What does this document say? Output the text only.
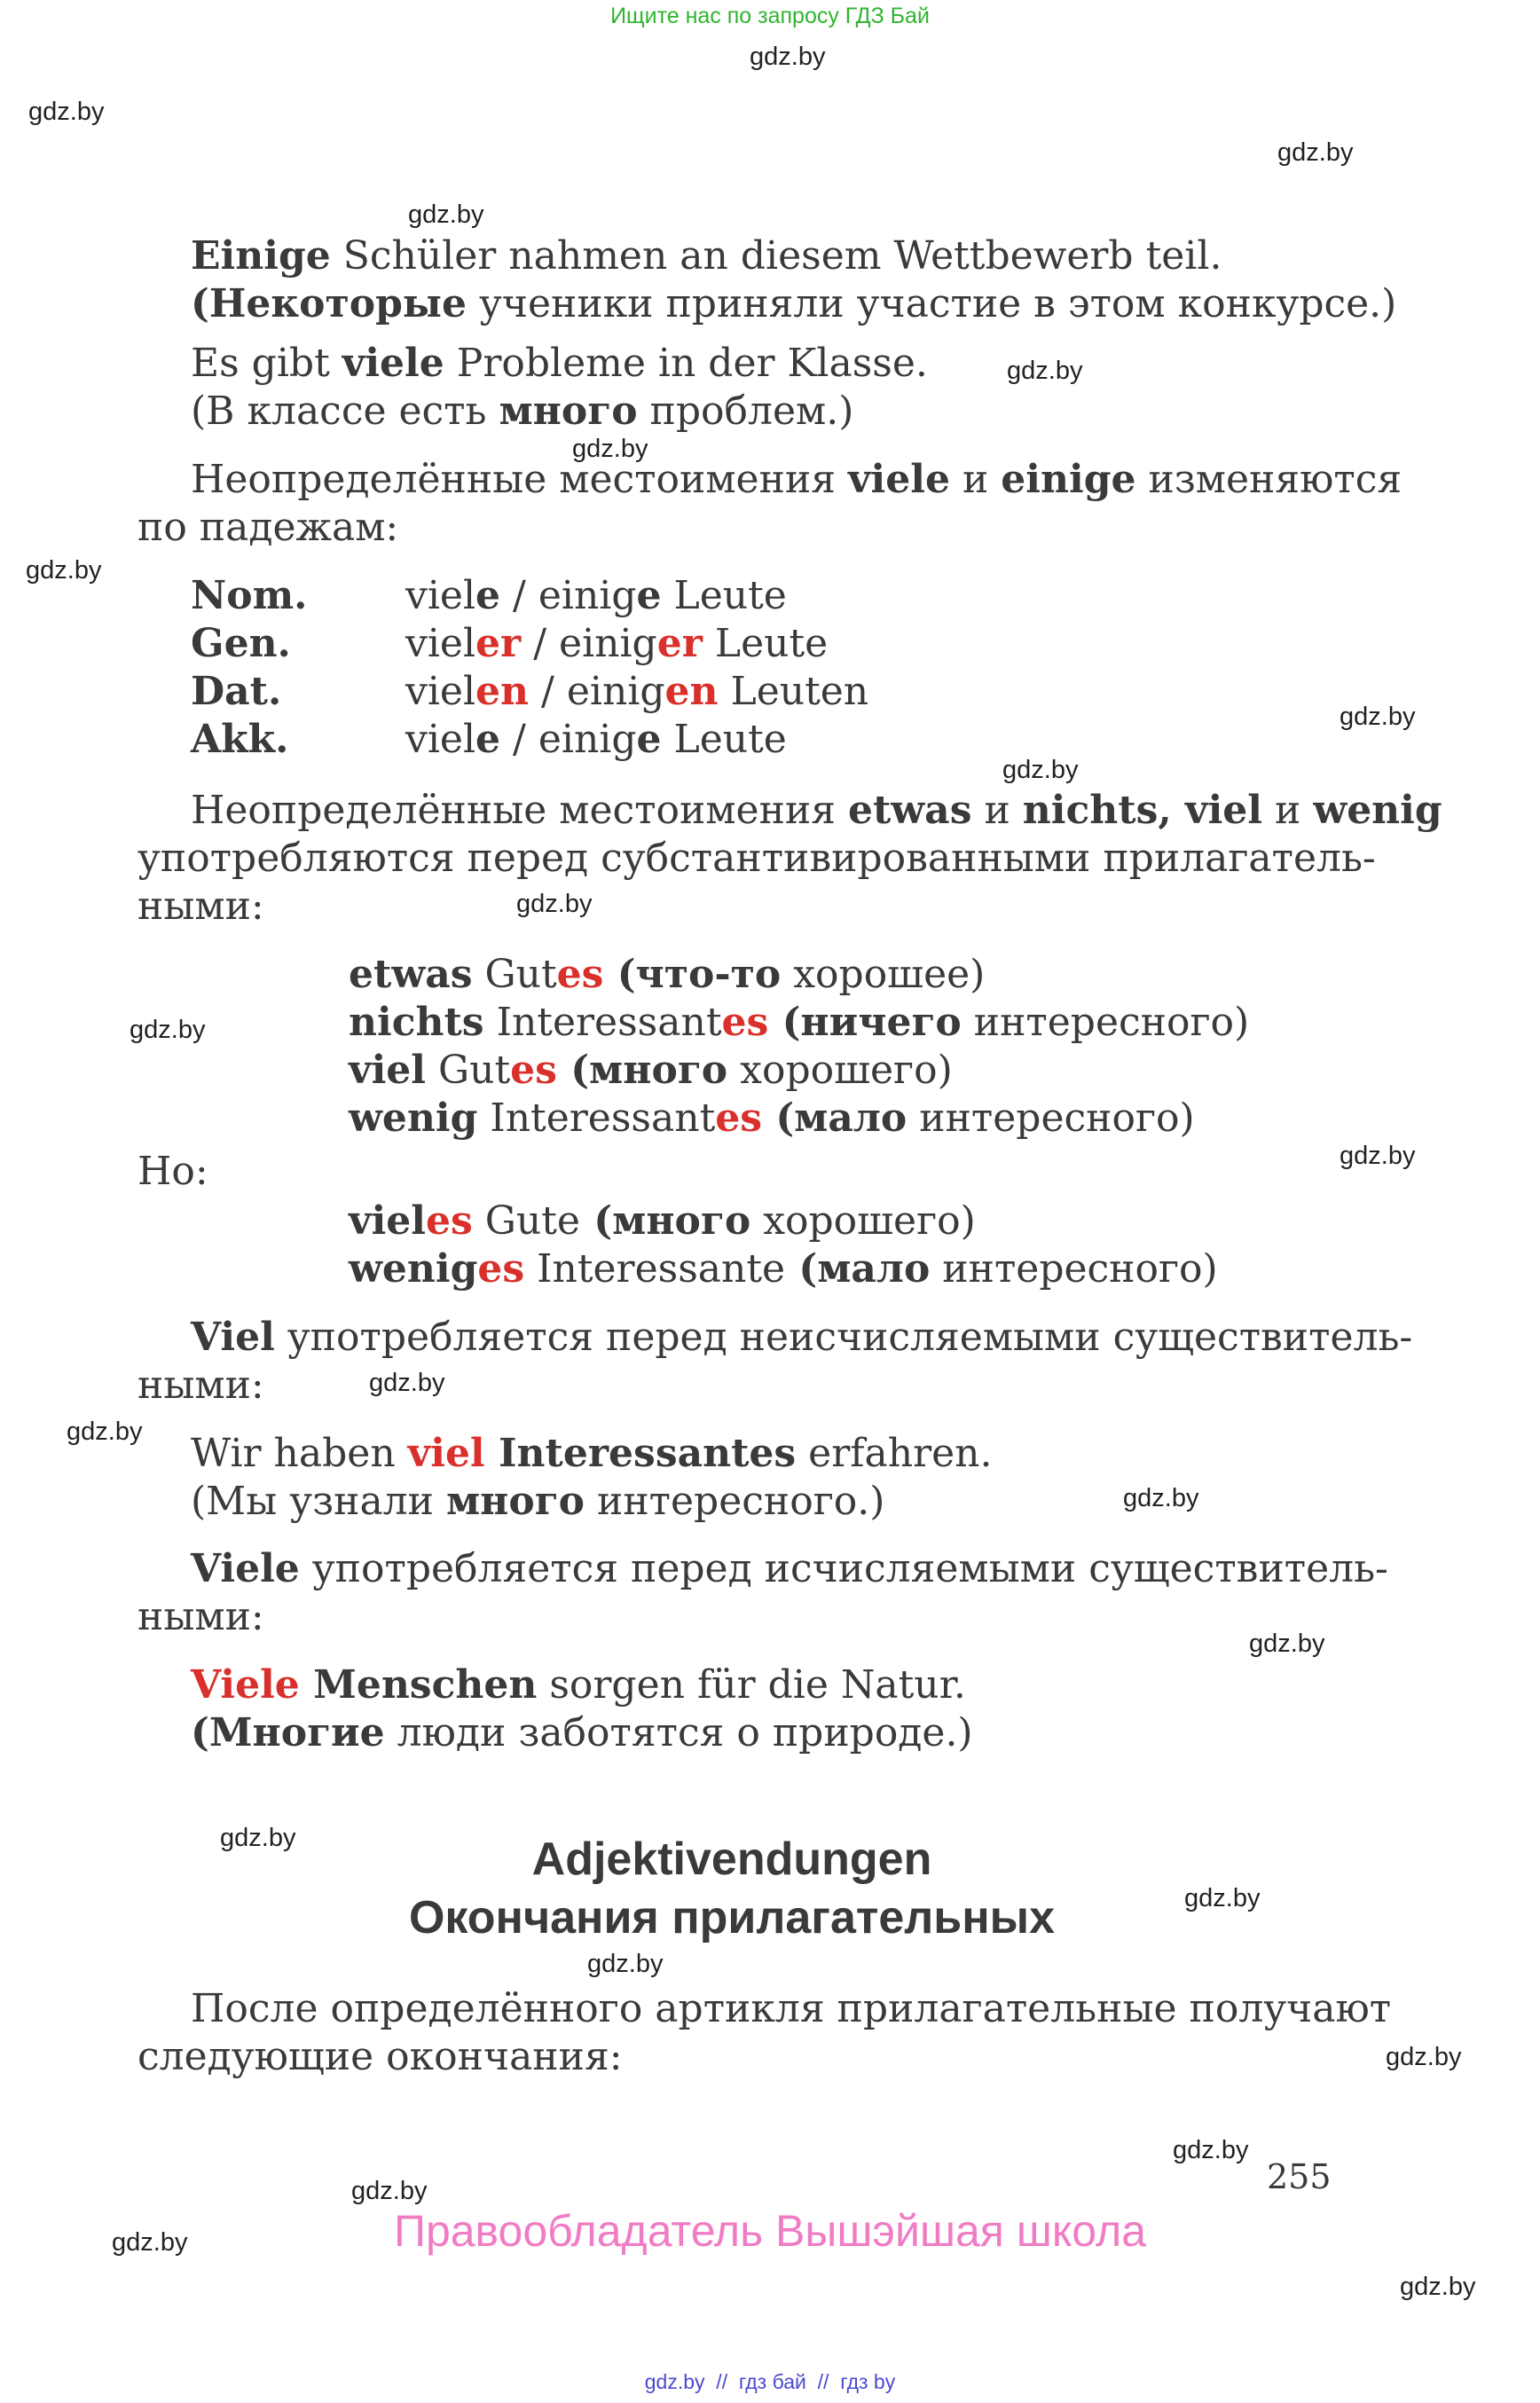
Ищите нас по запросу ГДЗ Бай
gdz.by
gdz.by
gdz.by
gdz.by
gdz.by
gdz.by
gdz.by
gdz.by
gdz.by
gdz.by
gdz.by
gdz.by
gdz.by
gdz.by
gdz.by
gdz.by
gdz.by
gdz.by
gdz.by
gdz.by
gdz.by
gdz.by
gdz.by
gdz.by
Einige Schüler nahmen an diesem Wettbewerb teil.
(Некоторые ученики приняли участие в этом конкурсе.)
Es gibt viele Probleme in der Klasse.
(В классе есть много проблем.)
Неопределённые местоимения viele и einige изменяются
по падежам:
Nom.	viele / einige Leute
Gen.	vieler / einiger Leute
Dat.	vielen / einigen Leuten
Akk.	viele / einige Leute
Неопределённые местоимения etwas и nichts, viel и wenig
употребляются перед субстантивированными прилагатель-
ными:
etwas Gutes (что-то хорошее)
nichts Interessantes (ничего интересного)
viel Gutes (много хорошего)
wenig Interessantes (мало интересного)
Но:
vieles Gute (много хорошего)
weniges Interessante (мало интересного)
Viel употребляется перед неисчисляемыми существитель-
ными:
Wir haben viel Interessantes erfahren.
(Мы узнали много интересного.)
Viele употребляется перед исчисляемыми существитель-
ными:
Viele Menschen sorgen für die Natur.
(Многие люди заботятся о природе.)
Adjektivendungen
Окончания прилагательных
После определённого артикля прилагательные получают
следующие окончания:
255
Правообладатель Вышэйшая школа
gdz.by  //  гдз бай  //  гдз by
